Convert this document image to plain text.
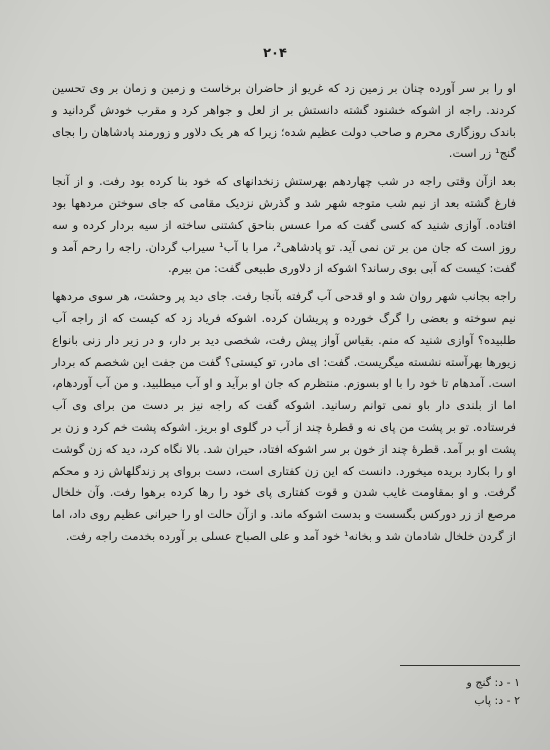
۲۰۴

او را بر سر آورده چنان بر زمین زد که غریو از حاضران برخاست و زمین و زمان بر وی تحسین کردند. راجه از اشوکه خشنود گشته دانستش بر از لعل و جواهر کرد و مقرب خودش گردانید و باندک روزگاری محرم و صاحب دولت عظیم شده؛ زیرا که هر یک دلاور و زورمند پادشاهان را بجای گنج¹ زر است.

بعد ازآن وقتی راجه در شب چهاردهم بهرستش زنخدانهای که خود بنا کرده بود رفت. و از آنجا فارغ گشته بعد از نیم شب متوجه شهر شد و گذرش نزدیک مقامی که جای سوختن مردهها بود افتاده. آوازی شنید که کسی گفت که مرا عسس بناحق کشتنی ساخته از سیه بردار کرده و سه روز است که جان من بر تن نمی آید. تو پادشاهی²، مرا با آب¹ سیراب گردان. راجه را رحم آمد و گفت: کیست که آبی بوی رساند؟ اشوکه از دلاوری طبیعی گفت: من بیرم.

راجه بجانب شهر روان شد و او قدحی آب گرفته بآنجا رفت. جای دید پر وحشت، هر سوی مردهها نیم سوخته و بعضی را گرگ خورده و پریشان کرده. اشوکه فریاد زد که کیست که از راجه آب طلبیده؟ آوازی شنید که منم. بقیاس آواز پیش رفت، شخصی دید بر دار، و در زیر دار زنی بانواع زیورها بهرآسته نشسته میگریست. گفت: ای مادر، تو کیستی؟ گفت من جفت این شخصم که بردار است. آمدهام تا خود را با او بسوزم. منتظرم که جان او برآید و او آب میطلبید. و من آب آوردهام، اما از بلندی دار باو نمی توانم رسانید. اشوکه گفت که راجه نیز بر دست من برای وی آب فرستاده. تو بر پشت من پای نه و قطرهٔ چند از آب در گلوی او بریز. اشوکه پشت خم کرد و زن بر پشت او بر آمد. قطرهٔ چند از خون بر سر اشوکه افتاد، حیران شد. بالا نگاه کرد، دید که زن گوشت او را بکارد بریده میخورد. دانست که این زن کفتاری است، دست بروای پر زندگلهاش زد و محکم گرفت. و او بمقاومت غایب شدن و قوت کفتاری پای خود را رها کرده برهوا رفت. وآن خلخال مرصع از زر دورکس بگسست و بدست اشوکه ماند. و ازآن حالت او را حیرانی عظیم روی داد، اما از گردن خلخال شادمان شد و بخانه¹ خود آمد و علی الصباح عسلی بر آورده بخدمت راجه رفت.

۱ - د: گنج و

۲ - د: پاب
